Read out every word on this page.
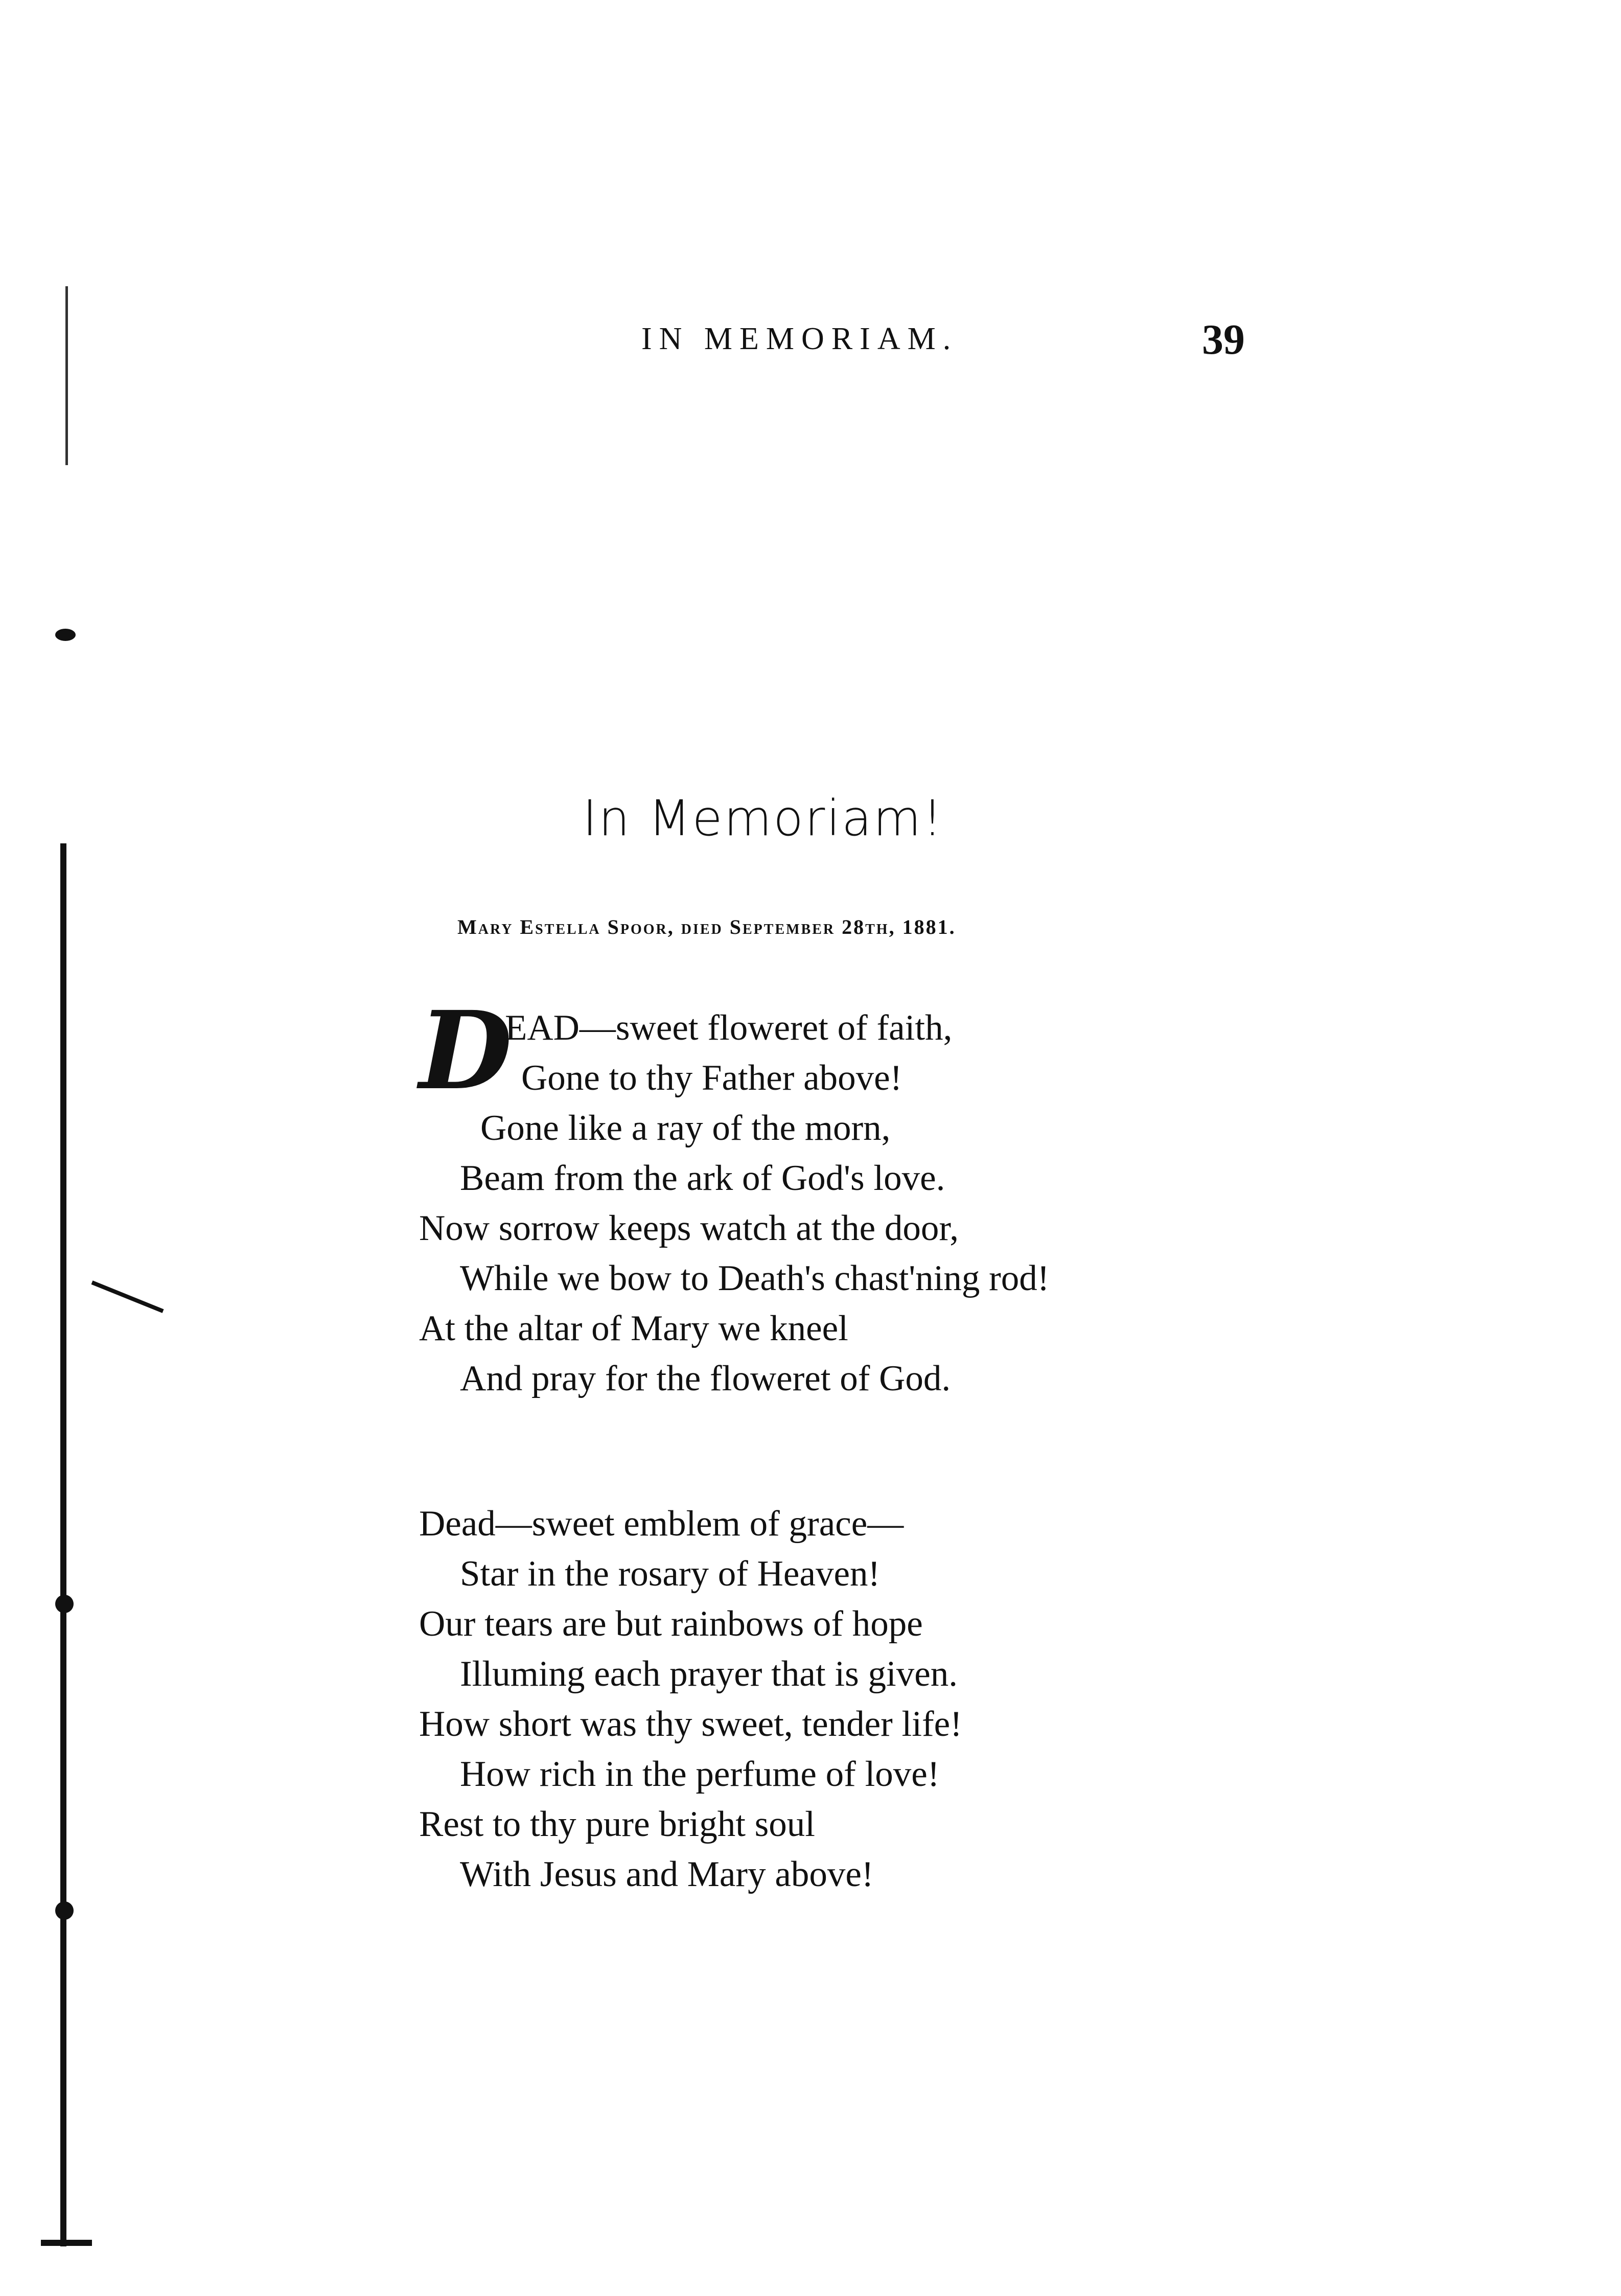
IN MEMORIAM.	39
In Memoriam!
Mary Estella Spoor, died September 28th, 1881.
D
EAD—sweet floweret of faith,
Gone to thy Father above!
Gone like a ray of the morn,
Beam from the ark of God's love.
Now sorrow keeps watch at the door,
While we bow to Death's chast'ning rod!
At the altar of Mary we kneel
And pray for the floweret of God.
Dead—sweet emblem of grace—
Star in the rosary of Heaven!
Our tears are but rainbows of hope
Illuming each prayer that is given.
How short was thy sweet, tender life!
How rich in the perfume of love!
Rest to thy pure bright soul
With Jesus and Mary above!
